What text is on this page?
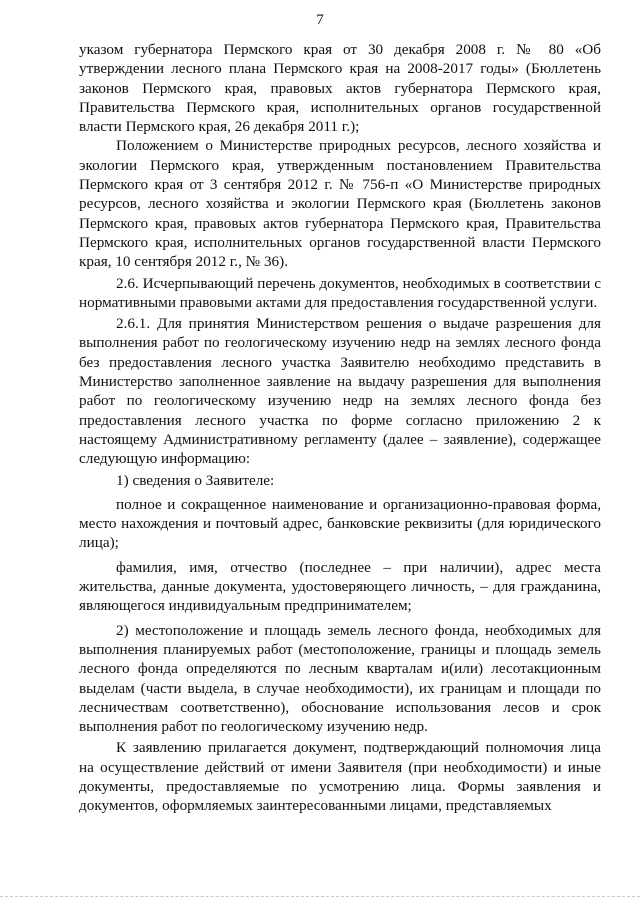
7

указом губернатора Пермского края от 30 декабря 2008 г. № 80 «Об утверждении лесного плана Пермского края на 2008-2017 годы» (Бюллетень законов Пермского края, правовых актов губернатора Пермского края, Правительства Пермского края, исполнительных органов государственной власти Пермского края, 26 декабря 2011 г.);

Положением о Министерстве природных ресурсов, лесного хозяйства и экологии Пермского края, утвержденным постановлением Правительства Пермского края от 3 сентября 2012 г. № 756-п «О Министерстве природных ресурсов, лесного хозяйства и экологии Пермского края (Бюллетень законов Пермского края, правовых актов губернатора Пермского края, Правительства Пермского края, исполнительных органов государственной власти Пермского края, 10 сентября 2012 г., № 36).

2.6. Исчерпывающий перечень документов, необходимых в соответствии с нормативными правовыми актами для предоставления государственной услуги.

2.6.1. Для принятия Министерством решения о выдаче разрешения для выполнения работ по геологическому изучению недр на землях лесного фонда без предоставления лесного участка Заявителю необходимо представить в Министерство заполненное заявление на выдачу разрешения для выполнения работ по геологическому изучению недр на землях лесного фонда без предоставления лесного участка по форме согласно приложению 2 к настоящему Административному регламенту (далее – заявление), содержащее следующую информацию:

1) сведения о Заявителе:

полное и сокращенное наименование и организационно-правовая форма, место нахождения и почтовый адрес, банковские реквизиты (для юридического лица);

фамилия, имя, отчество (последнее – при наличии), адрес места жительства, данные документа, удостоверяющего личность, – для гражданина, являющегося индивидуальным предпринимателем;

2) местоположение и площадь земель лесного фонда, необходимых для выполнения планируемых работ (местоположение, границы и площадь земель лесного фонда определяются по лесным кварталам и(или) лесотакционным выделам (части выдела, в случае необходимости), их границам и площади по лесничествам соответственно), обоснование использования лесов и срок выполнения работ по геологическому изучению недр.

К заявлению прилагается документ, подтверждающий полномочия лица на осуществление действий от имени Заявителя (при необходимости) и иные документы, предоставляемые по усмотрению лица. Формы заявления и документов, оформляемых заинтересованными лицами, представляемых
